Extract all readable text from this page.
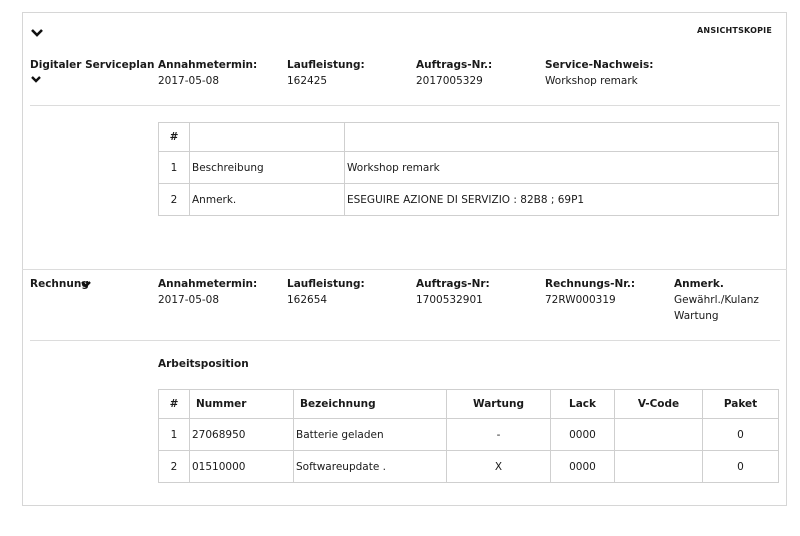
ANSICHTSKOPIE
Digitaler Serviceplan Annahmetermin:
2017-05-08
Laufleistung:
162425
Auftrags-Nr.:
2017005329
Service-Nachweis:
Workshop remark
#		
1	Beschreibung	Workshop remark
2	Anmerk.	ESEGUIRE AZIONE DI SERVIZIO : 82B8 ; 69P1
Rechnung	Annahmetermin:
2017-05-08
Laufleistung:
162654
Auftrags-Nr:
1700532901
Rechnungs-Nr.:
72RW000319
Anmerk.
Gewährl./Kulanz
Wartung
Arbeitsposition
#	Nummer	Bezeichnung	Wartung	Lack	V-Code	Paket
1	27068950	Batterie geladen	-	0000		0
2	01510000	Softwareupdate .	X	0000		0
